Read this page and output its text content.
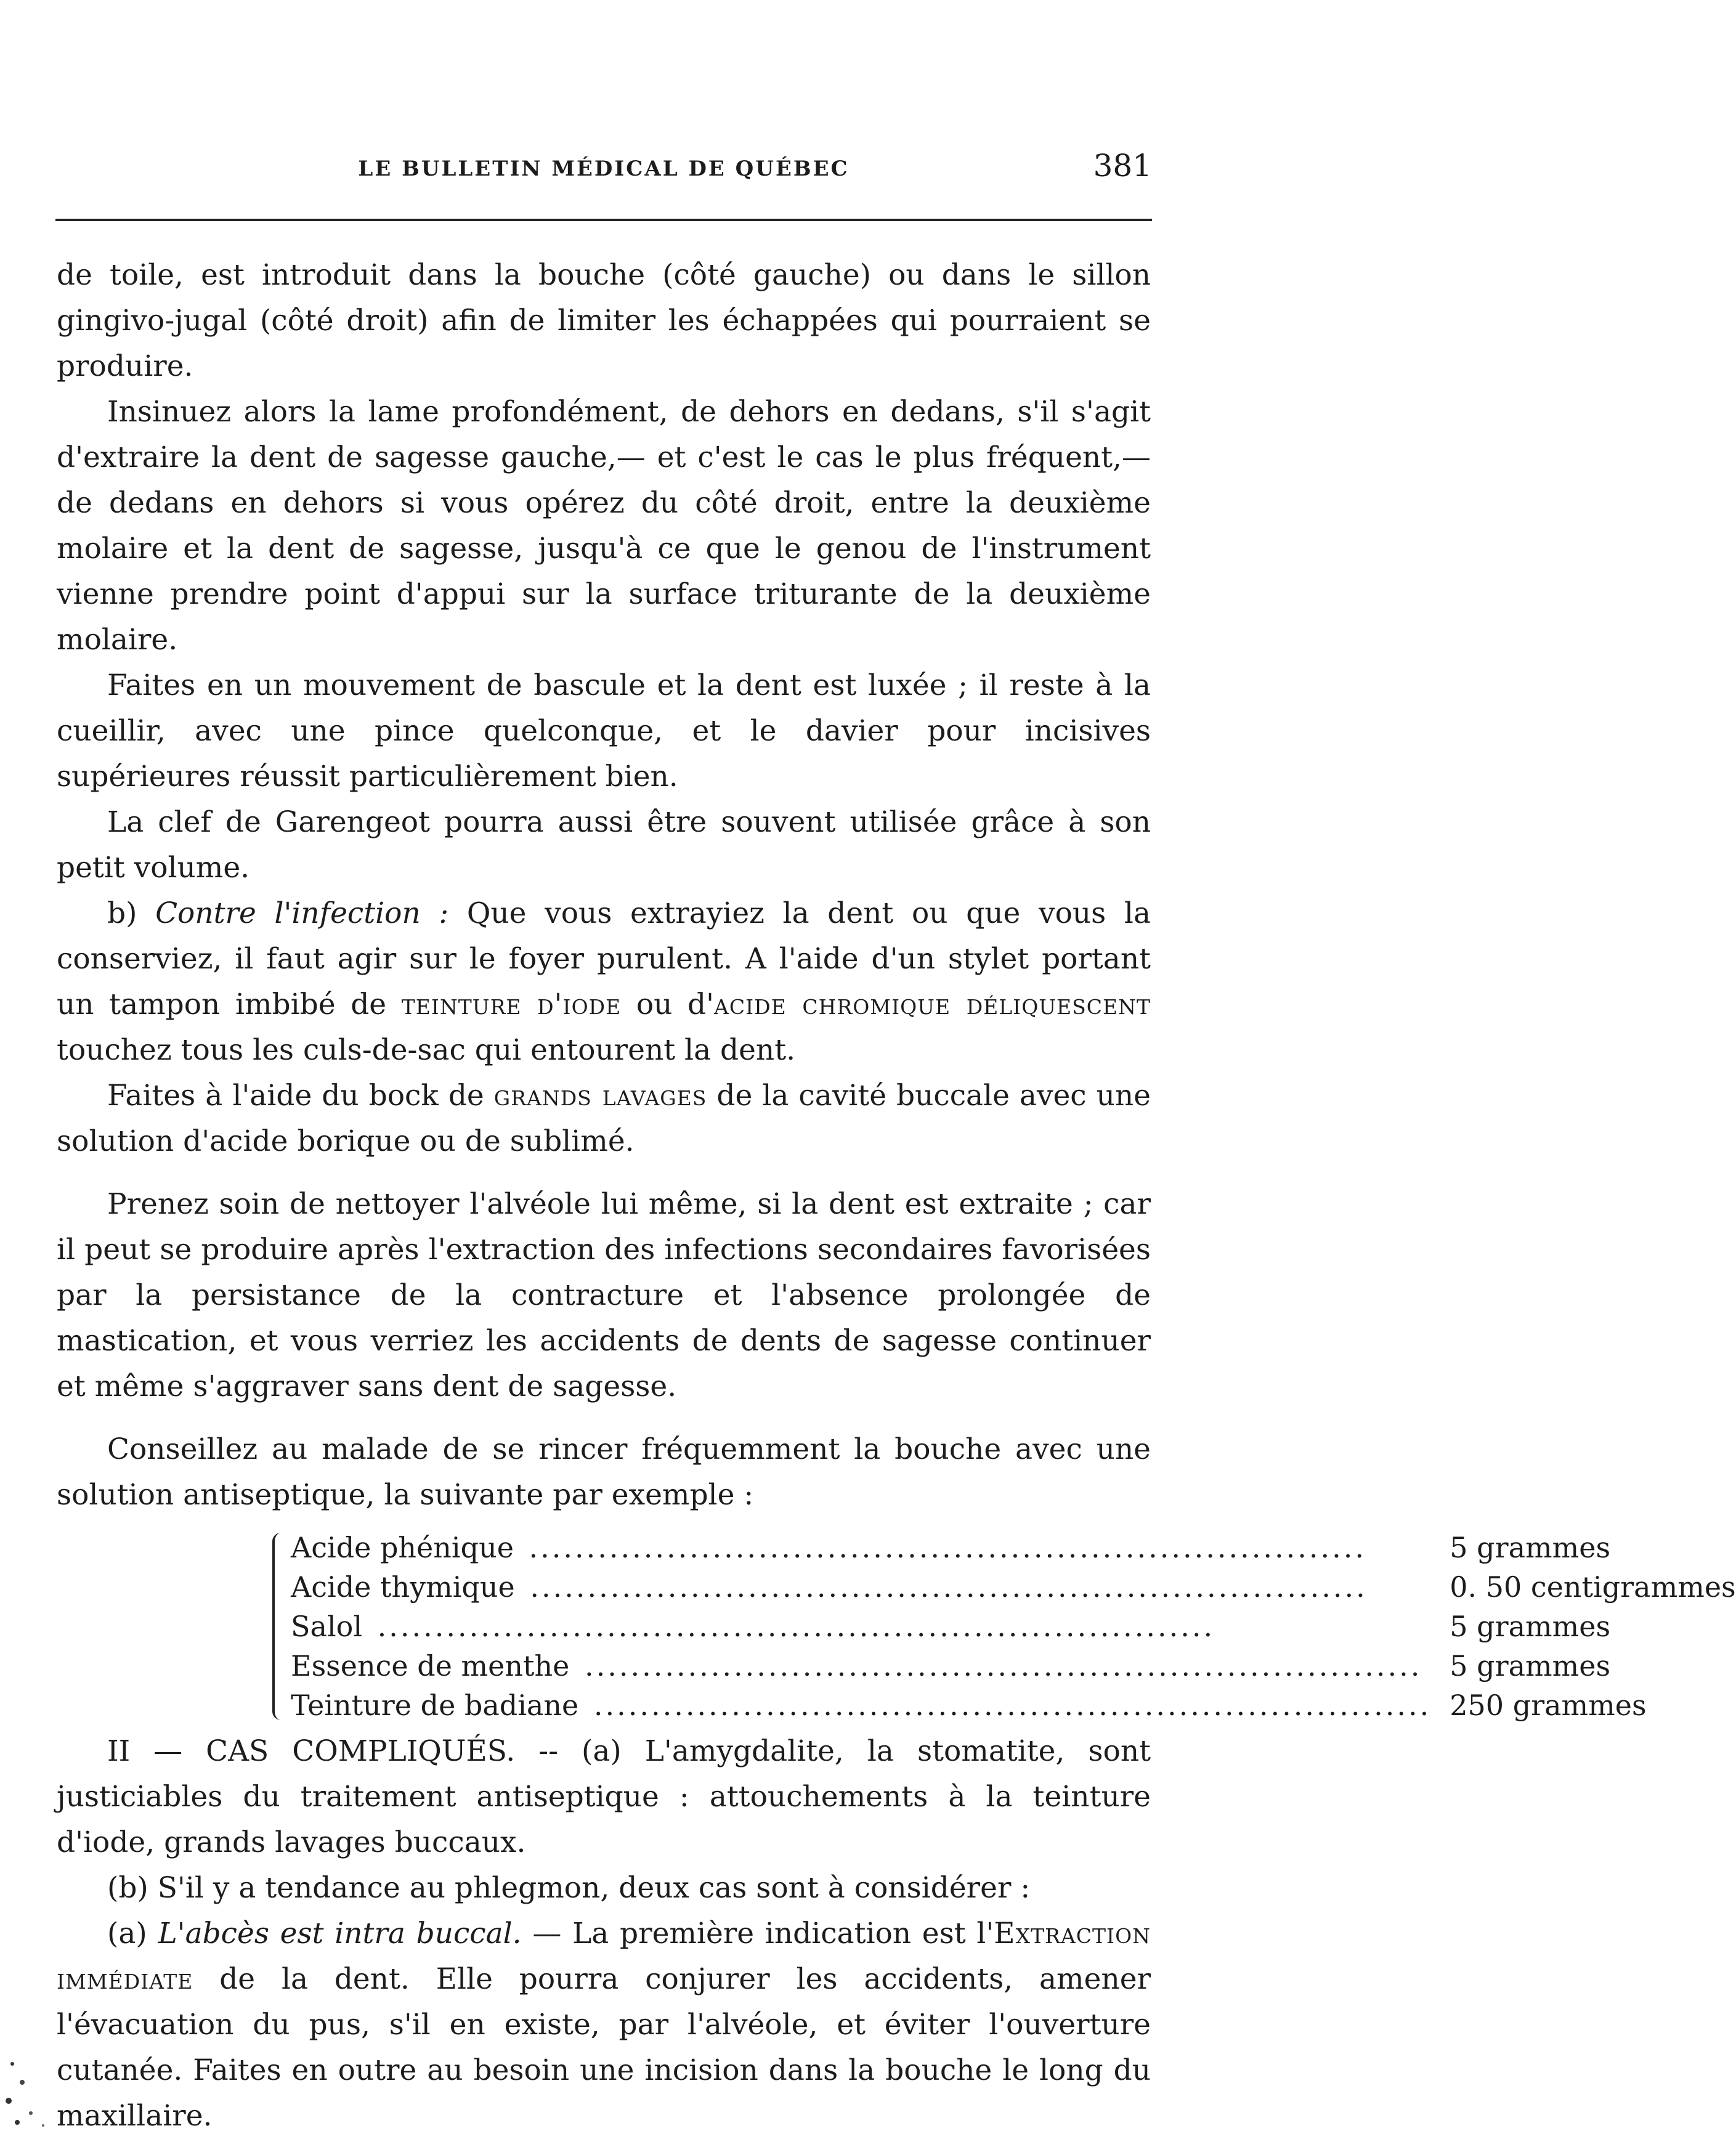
LE BULLETIN MÉDICAL DE QUÉBEC	381

de toile, est introduit dans la bouche (côté gauche) ou dans le sillon gingivo-jugal (côté droit) afin de limiter les échappées qui pourraient se produire.

Insinuez alors la lame profondément, de dehors en dedans, s'il s'agit d'extraire la dent de sagesse gauche,— et c'est le cas le plus fréquent,—de dedans en dehors si vous opérez du côté droit, entre la deuxième molaire et la dent de sagesse, jusqu'à ce que le genou de l'instrument vienne prendre point d'appui sur la surface triturante de la deuxième molaire.

Faites en un mouvement de bascule et la dent est luxée ; il reste à la cueillir, avec une pince quelconque, et le davier pour incisives supérieures réussit particulièrement bien.

La clef de Garengeot pourra aussi être souvent utilisée grâce à son petit volume.

b) Contre l'infection : Que vous extrayiez la dent ou que vous la conserviez, il faut agir sur le foyer purulent. A l'aide d'un stylet portant un tampon imbibé de teinture d'iode ou d'acide chromique déliquescent touchez tous les culs-de-sac qui entourent la dent.

Faites à l'aide du bock de grands lavages de la cavité buccale avec une solution d'acide borique ou de sublimé.

Prenez soin de nettoyer l'alvéole lui même, si la dent est extraite ; car il peut se produire après l'extraction des infections secondaires favorisées par la persistance de la contracture et l'absence prolongée de mastication, et vous verriez les accidents de dents de sagesse continuer et même s'aggraver sans dent de sagesse.

Conseillez au malade de se rincer fréquemment la bouche avec une solution antiseptique, la suivante par exemple :

Acide phénique .....	5 grammes

Acide thymique .....	0. 50 centigrammes

Salol .....	5 grammes

Essence de menthe .....	5 grammes

Teinture de badiane .....	250 grammes

II — CAS COMPLIQUÉS. -- (a) L'amygdalite, la stomatite, sont justiciables du traitement antiseptique : attouchements à la teinture d'iode, grands lavages buccaux.

(b) S'il y a tendance au phlegmon, deux cas sont à considérer :

(a) L'abcès est intra buccal. — La première indication est l'Extraction immédiate de la dent. Elle pourra conjurer les accidents, amener l'évacuation du pus, s'il en existe, par l'alvéole, et éviter l'ouverture cutanée. Faites en outre au besoin une incision dans la bouche le long du maxillaire.
